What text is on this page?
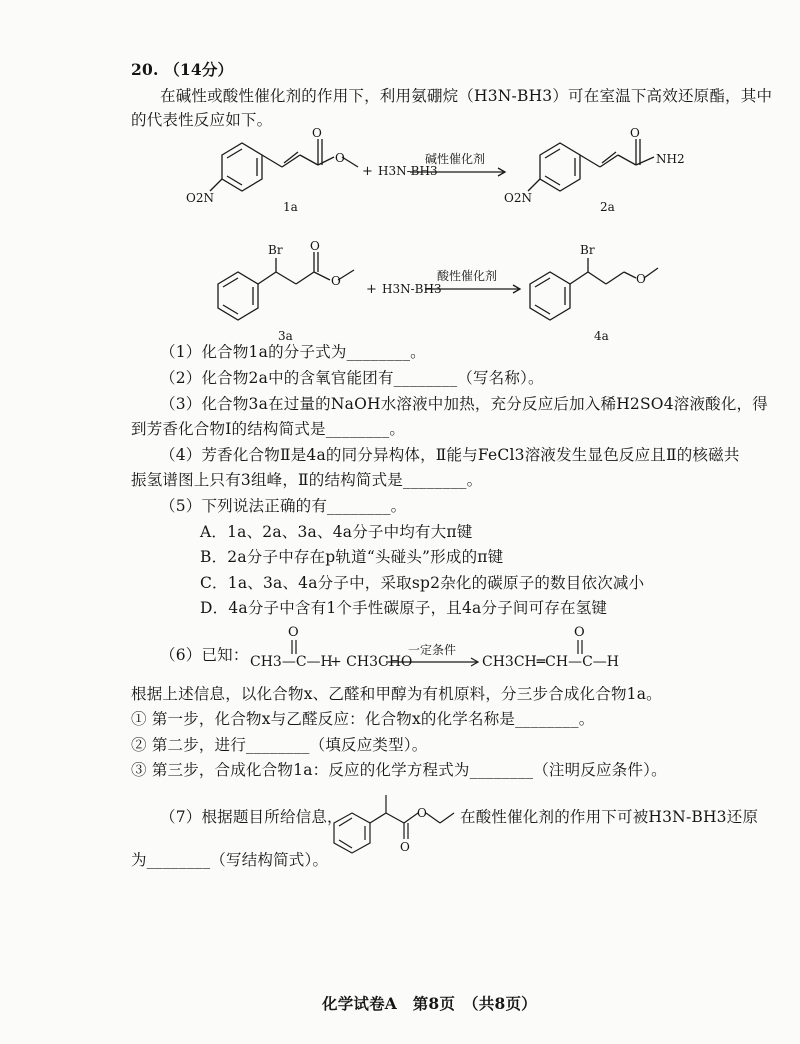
20. （14分）
在碱性或酸性催化剂的作用下，利用氨硼烷（H3N-BH3）可在室温下高效还原酯，其中
的代表性反应如下。
O
O
O
O2N	O2N
NH2
+ H3N-BH3
碱性催化剂
1a	2a
Br O
O
Br
O
+ H3N-BH3
酸性催化剂
3a	4a
（1）化合物1a的分子式为________。
（2）化合物2a中的含氧官能团有________（写名称）。
（3）化合物3a在过量的NaOH水溶液中加热，充分反应后加入稀H2SO4溶液酸化，得
到芳香化合物Ⅰ的结构简式是________。
（4）芳香化合物Ⅱ是4a的同分异构体，Ⅱ能与FeCl3溶液发生显色反应且Ⅱ的核磁共
振氢谱图上只有3组峰，Ⅱ的结构简式是________。
（5）下列说法正确的有________。
A．1a、2a、3a、4a分子中均有大π键
B．2a分子中存在p轨道“头碰头”形成的π键
C．1a、3a、4a分子中，采取sp2杂化的碳原子的数目依次减小
D．4a分子中含有1个手性碳原子，且4a分子间可存在氢键
（6）已知：
O	O
CH3—C—H
+ CH3CHO
一定条件
CH3CH═CH—C—H
根据上述信息，以化合物x、乙醛和甲醇为有机原料，分三步合成化合物1a。
① 第一步，化合物x与乙醛反应：化合物x的化学名称是________。
② 第二步，进行________（填反应类型）。
③ 第三步，合成化合物1a：反应的化学方程式为________（注明反应条件）。
（7）根据题目所给信息，
O
O 在酸性催化剂的作用下可被H3N-BH3还原
为________（写结构简式）。
化学试卷A　第8页　（共8页）
